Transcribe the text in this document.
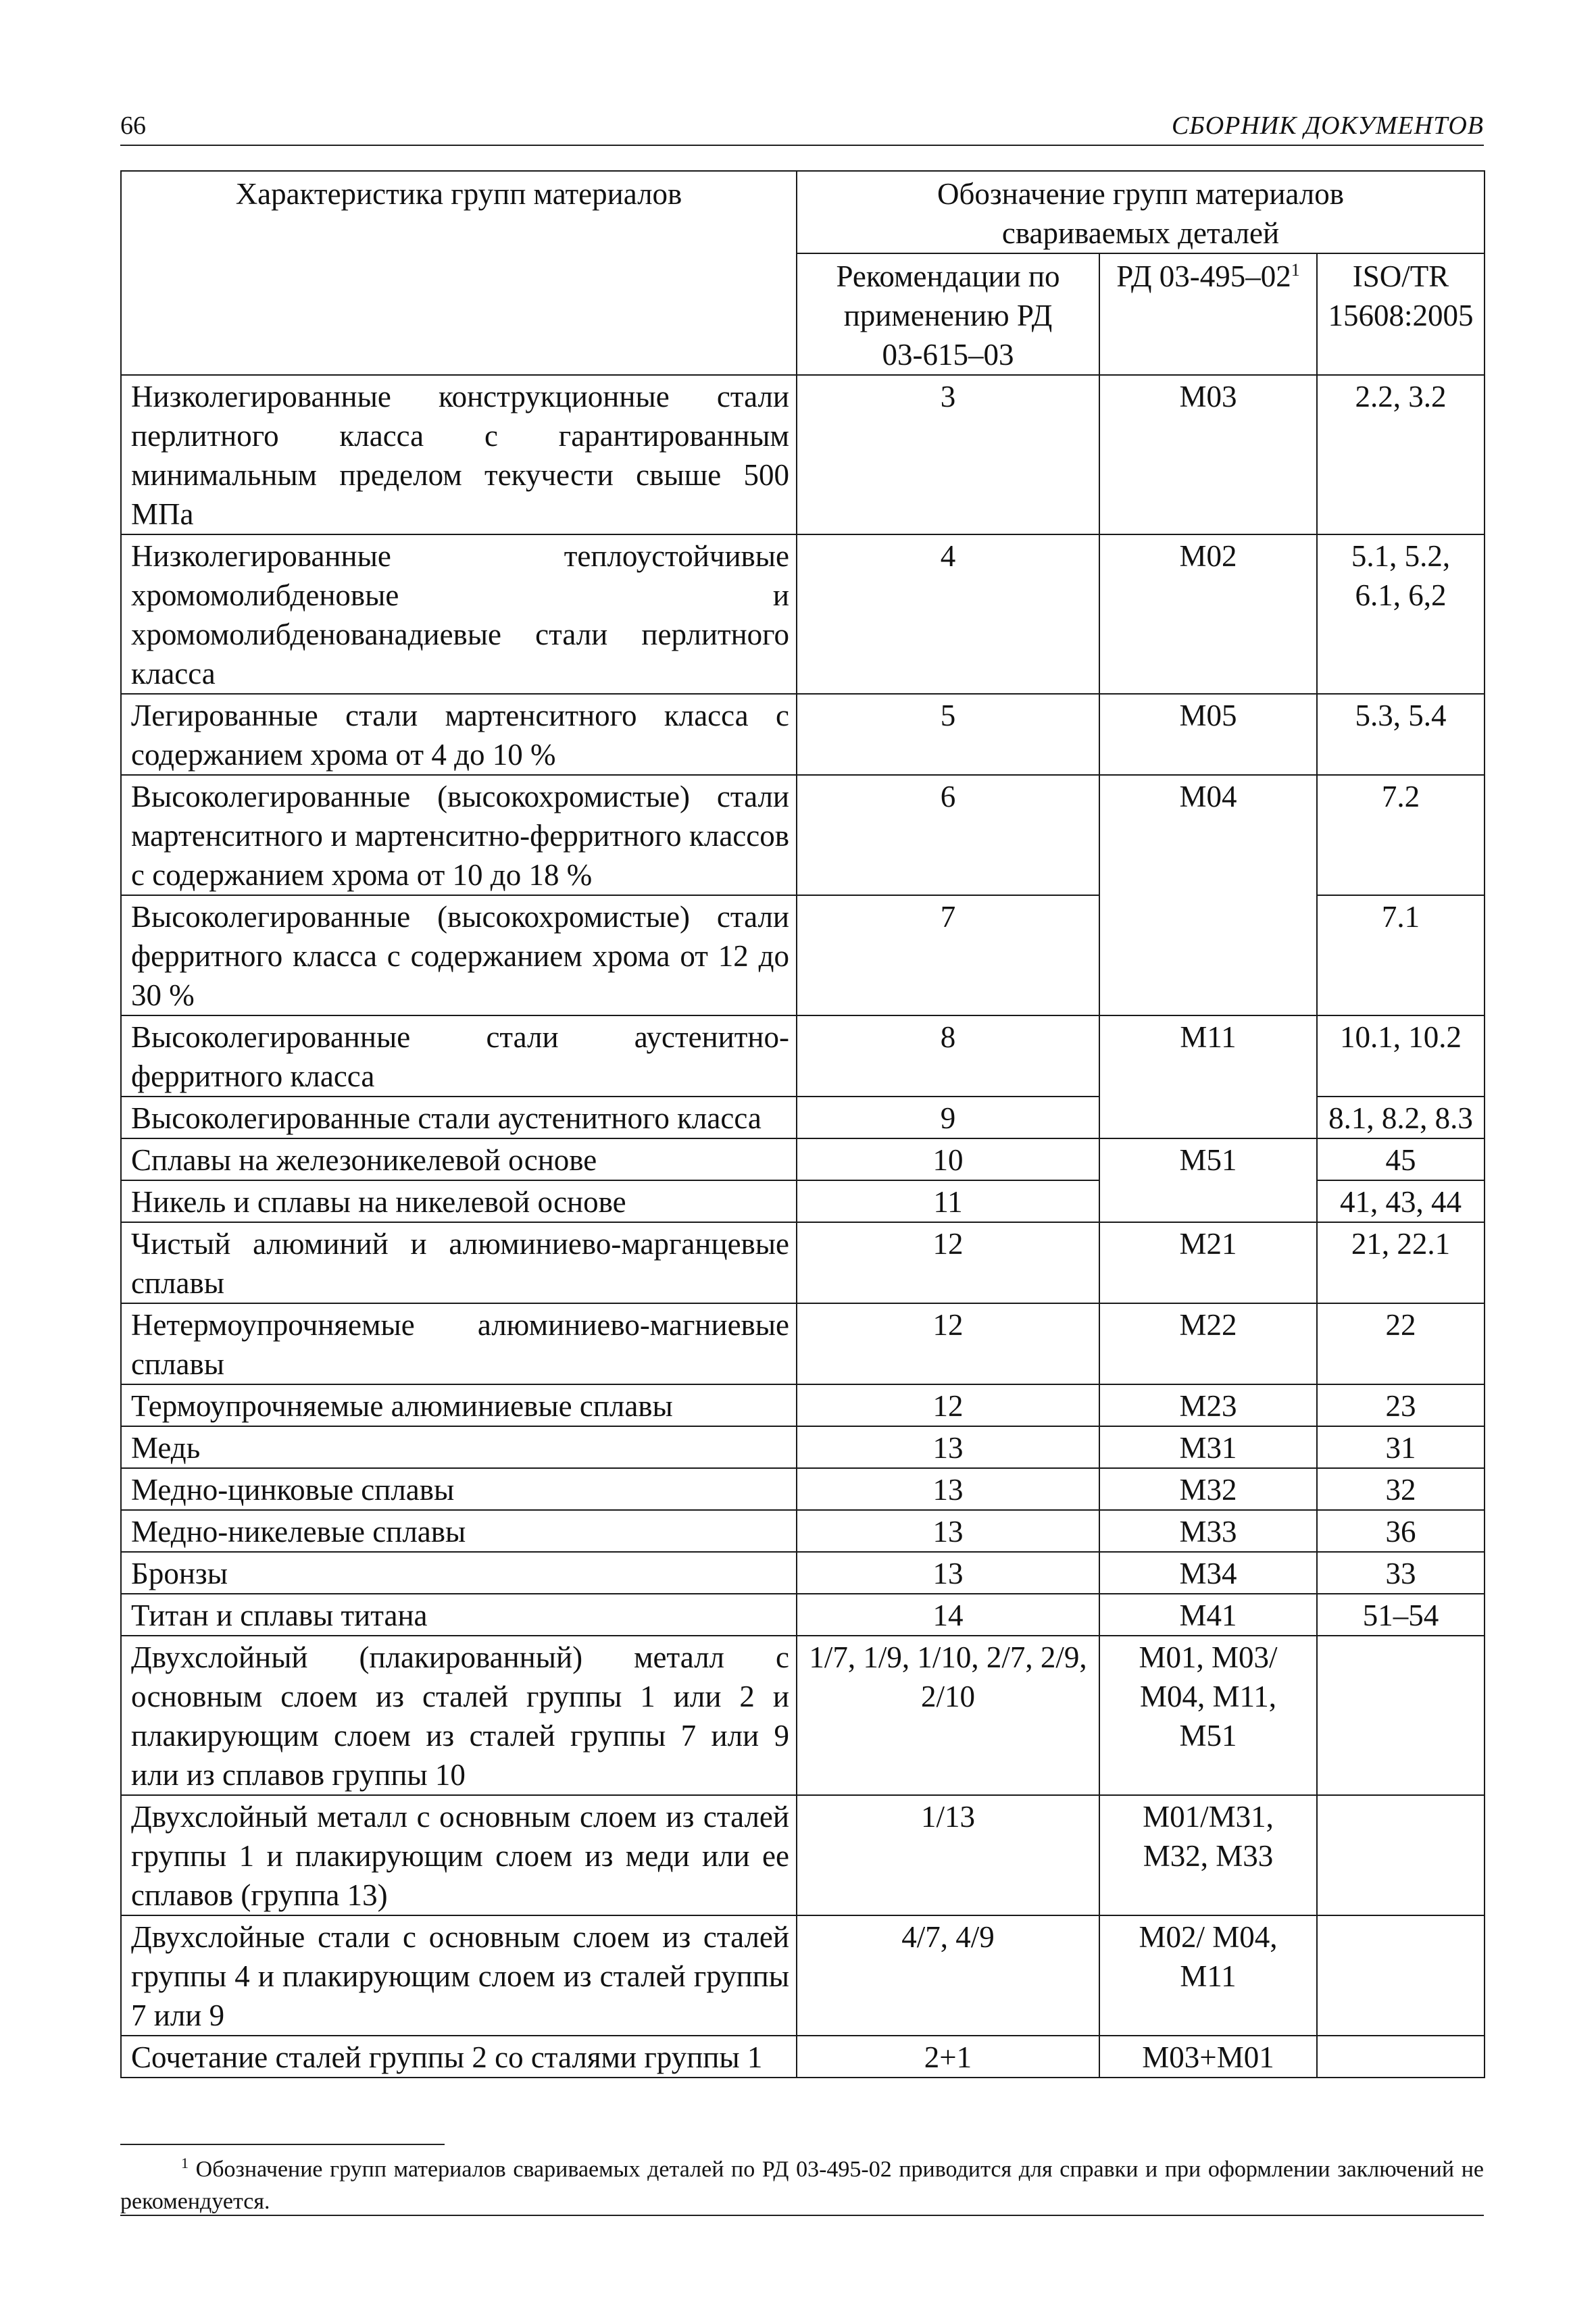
66	СБОРНИК ДОКУМЕНТОВ
Характеристика групп материалов	Обозначение групп материалов свариваемых деталей		
	Рекомендации по применению РД 03-615–03	РД $03-495-02^1$	ISO/TR 15608:2005
Низколегированные конструкционные стали перлитного класса с гарантированным минимальным пределом текучести свыше 500 МПа	3	М03	2.2, 3.2
Низколегированные теплоустойчивые хромомолибденовые и хромомолибденованадиевые стали перлитного класса	4	М02	5.1, 5.2, 6.1, 6,2
Легированные стали мартенситного класса с содержанием хрома от 4 до 10 %	5	М05	5.3, 5.4
Высоколегированные (высокохромистые) стали мартенситного и мартенситно-ферритного классов с содержанием хрома от 10 до 18 %	6	М04	7.2
Высоколегированные (высокохромистые) стали ферритного класса с содержанием хрома от 12 до 30 %	7		7.1
Высоколегированные стали аустенитно-ферритного класса	8	М11	10.1, 10.2
Высоколегированные стали аустенитного класса	9		8.1, 8.2, 8.3
Сплавы на железоникелевой основе	10	М51	45
Никель и сплавы на никелевой основе	11		41, 43, 44
Чистый алюминий и алюминиево-марганцевые сплавы	12	М21	21, 22.1
Нетермоупрочняемые алюминиево-магниевые сплавы	12	М22	22
Термоупрочняемые алюминиевые сплавы	12	М23	23
Медь	13	М31	31
Медно-цинковые сплавы	13	М32	32
Медно-никелевые сплавы	13	М33	36
Бронзы	13	М34	33
Титан и сплавы титана	14	М41	51–54
Двухслойный (плакированный) металл с основным слоем из сталей группы 1 или 2 и плакирующим слоем из сталей группы 7 или 9 или из сплавов группы 10	1/7, 1/9, 1/10, 2/7, 2/9, 2/10	М01, М03/ М04, М11, М51	
Двухслойный металл с основным слоем из сталей группы 1 и плакирующим слоем из меди или ее сплавов (группа 13)	1/13	М01/М31, М32, М33	
Двухслойные стали с основным слоем из сталей группы 4 и плакирующим слоем из сталей группы 7 или 9	4/7, 4/9	М02/ М04, М11	
Сочетание сталей группы 2 со сталями группы 1	2+1	М03+М01	
$^1$ Обозначение групп материалов свариваемых деталей по РД 03-495-02 приводится для справки и при оформлении заключений не рекомендуется.
